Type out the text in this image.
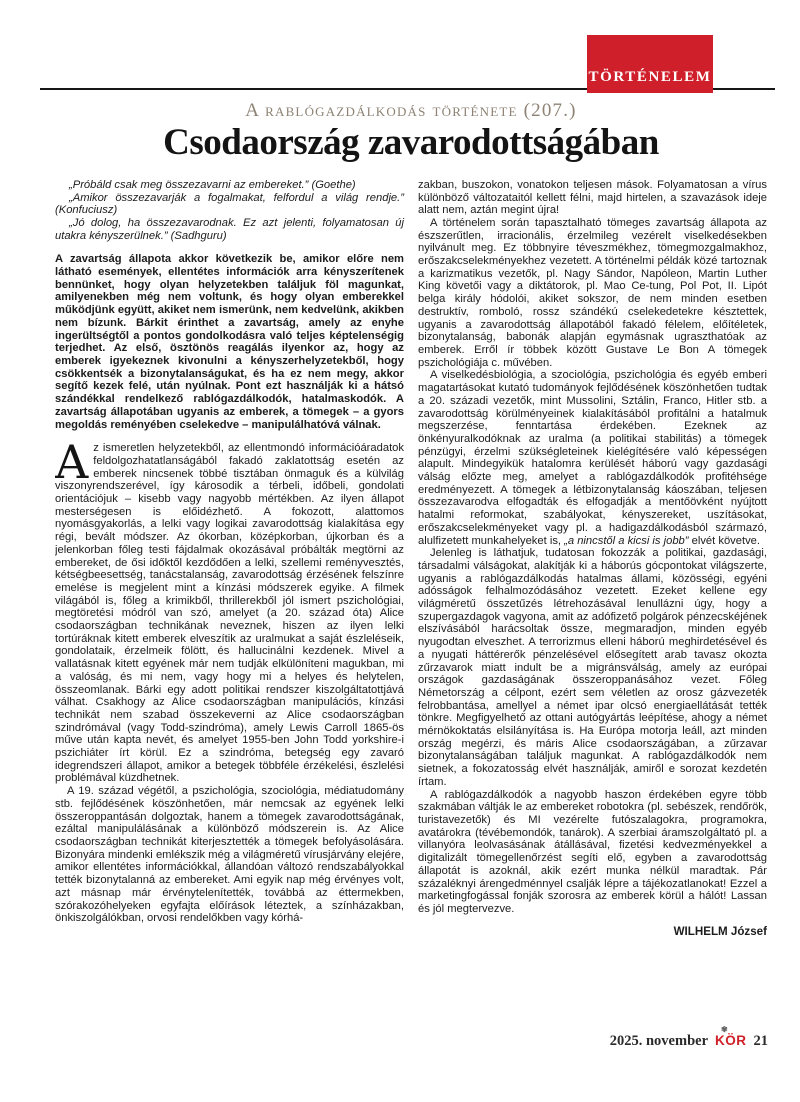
TÖRTÉNELEM
A rablógazdálkodás története (207.)
Csodaország zavarodottságában

„Próbáld csak meg összezavarni az embereket.” (Goethe)

„Amikor összezavarják a fogalmakat, felfordul a világ rendje.” (Konfuciusz)

„Jó dolog, ha összezavarodnak. Ez azt jelenti, folyamatosan új utakra kényszerülnek.” (Sadhguru)

A zavartság állapota akkor következik be, amikor előre nem látható események, ellentétes információk arra kényszerítenek bennünket, hogy olyan helyzetekben találjuk föl magunkat, amilyenekben még nem voltunk, és hogy olyan emberekkel működjünk együtt, akiket nem ismerünk, nem kedvelünk, akikben nem bízunk. Bárkit érinthet a zavartság, amely az enyhe ingerültségtől a pontos gondolkodásra való teljes képtelenségig terjedhet. Az első, ösztönös reagálás ilyenkor az, hogy az emberek igyekeznek kivonulni a kényszerhelyzetekből, hogy csökkentsék a bizonytalanságukat, és ha ez nem megy, akkor segítő kezek felé, után nyúlnak. Pont ezt használják ki a hátsó szándékkal rendelkező rablógazdálkodók, hatalmaskodók. A zavartság állapotában ugyanis az emberek, a tömegek – a gyors megoldás reményében cselekedve – manipulálhatóvá válnak.

Az ismeretlen helyzetekből, az ellentmondó információáradatok feldolgozhatatlanságából fakadó zaklatottság esetén az emberek nincsenek többé tisztában önmaguk és a külvilág viszonyrendszerével, így károsodik a térbeli, időbeli, gondolati orientációjuk – kisebb vagy nagyobb mértékben. Az ilyen állapot mesterségesen is előidézhető. A fokozott, alattomos nyomásgyakorlás, a lelki vagy logikai zavarodottság kialakítása egy régi, bevált módszer. Az ókorban, középkorban, újkorban és a jelenkorban főleg testi fájdalmak okozásával próbálták megtörni az embereket, de ősi időktől kezdődően a lelki, szellemi reményvesztés, kétségbeesettség, tanácstalanság, zavarodottság érzésének felszínre emelése is megjelent mint a kínzási módszerek egyike. A filmek világából is, főleg a krimikből, thrillerekből jól ismert pszichológiai, megtöretési módról van szó, amelyet (a 20. század óta) Alice csodaországban technikának neveznek, hiszen az ilyen lelki tortúráknak kitett emberek elveszítik az uralmukat a saját észleléseik, gondolataik, érzelmeik fölött, és hallucinálni kezdenek. Mivel a vallatásnak kitett egyének már nem tudják elkülöníteni magukban, mi a valóság, és mi nem, vagy hogy mi a helyes és helytelen, összeomlanak. Bárki egy adott politikai rendszer kiszolgáltatottjává válhat. Csakhogy az Alice csodaországban manipulációs, kínzási technikát nem szabad összekeverni az Alice csodaországban szindrómával (vagy Todd-szindróma), amely Lewis Carroll 1865-ös műve után kapta nevét, és amelyet 1955-ben John Todd yorkshire-i pszichiáter írt körül. Ez a szindróma, betegség egy zavaró idegrendszeri állapot, amikor a betegek többféle érzékelési, észlelési problémával küzdhetnek.

A 19. század végétől, a pszichológia, szociológia, médiatudomány stb. fejlődésének köszönhetően, már nemcsak az egyének lelki összeroppantásán dolgoztak, hanem a tömegek zavarodottságának, ezáltal manipulálásának a különböző módszerein is. Az Alice csodaországban technikát kiterjesztették a tömegek befolyásolására. Bizonyára mindenki emlékszik még a világméretű vírusjárvány elejére, amikor ellentétes információkkal, állandóan változó rendszabályokkal tették bizonytalanná az embereket. Ami egyik nap még érvényes volt, azt másnap már érvénytelenítették, továbbá az éttermekben, szórakozóhelyeken egyfajta előírások léteztek, a színházakban, önkiszolgálókban, orvosi rendelőkben vagy kórhá-

zakban, buszokon, vonatokon teljesen mások. Folyamatosan a vírus különböző változataitól kellett félni, majd hirtelen, a szavazások ideje alatt nem, aztán megint újra!

A történelem során tapasztalható tömeges zavartság állapota az észszerűtlen, irracionális, érzelmileg vezérelt viselkedésekben nyilvánult meg. Ez többnyire téveszmékhez, tömegmozgalmakhoz, erőszakcselekményekhez vezetett. A történelmi példák közé tartoznak a karizmatikus vezetők, pl. Nagy Sándor, Napóleon, Martin Luther King követői vagy a diktátorok, pl. Mao Ce-tung, Pol Pot, II. Lipót belga király hódolói, akiket sokszor, de nem minden esetben destruktív, romboló, rossz szándékú cselekedetekre késztettek, ugyanis a zavarodottság állapotából fakadó félelem, előítéletek, bizonytalanság, babonák alapján egymásnak ugraszthatóak az emberek. Erről ír többek között Gustave Le Bon A tömegek pszichológiája c. művében.

A viselkedésbiológia, a szociológia, pszichológia és egyéb emberi magatartásokat kutató tudományok fejlődésének köszönhetően tudtak a 20. századi vezetők, mint Mussolini, Sztálin, Franco, Hitler stb. a zavarodottság körülményeinek kialakításából profitálni a hatalmuk megszerzése, fenntartása érdekében. Ezeknek az önkényuralkodóknak az uralma (a politikai stabilitás) a tömegek pénzügyi, érzelmi szükségleteinek kielégítésére való képességen alapult. Mindegyikük hatalomra kerülését háború vagy gazdasági válság előzte meg, amelyet a rablógazdálkodók profitéhsége eredményezett. A tömegek a létbizonytalanság káoszában, teljesen összezavarodva elfogadták és elfogadják a mentőövként nyújtott hatalmi reformokat, szabályokat, kényszereket, uszításokat, erőszakcselekményeket vagy pl. a hadigazdálkodásból származó, alulfizetett munkahelyeket is, „a nincstől a kicsi is jobb” elvét követve.

Jelenleg is láthatjuk, tudatosan fokozzák a politikai, gazdasági, társadalmi válságokat, alakítják ki a háborús gócpontokat világszerte, ugyanis a rablógazdálkodás hatalmas állami, közösségi, egyéni adósságok felhalmozódásához vezetett. Ezeket kellene egy világméretű összetűzés létrehozásával lenullázni úgy, hogy a szupergazdagok vagyona, amit az adófizető polgárok pénzecskéjének elszívásából harácsoltak össze, megmaradjon, minden egyéb nyugodtan elveszhet. A terrorizmus elleni háború meghirdetésével és a nyugati háttérerők pénzelésével elősegített arab tavasz okozta zűrzavarok miatt indult be a migránsválság, amely az európai országok gazdaságának összeroppanásához vezet. Főleg Németország a célpont, ezért sem véletlen az orosz gázvezeték felrobbantása, amellyel a német ipar olcsó energiaellátását tették tönkre. Megfigyelhető az ottani autógyártás leépítése, ahogy a német mérnökoktatás elsilányítása is. Ha Európa motorja leáll, azt minden ország megérzi, és máris Alice csodaországában, a zűrzavar bizonytalanságában találjuk magunkat. A rablógazdálkodók nem sietnek, a fokozatosság elvét használják, amiről e sorozat kezdetén írtam.

A rablógazdálkodók a nagyobb haszon érdekében egyre több szakmában váltják le az embereket robotokra (pl. sebészek, rendőrök, turistavezetők) és MI vezérelte futószalagokra, programokra, avatárokra (tévébemondók, tanárok). A szerbiai áramszolgáltató pl. a villanyóra leolvasásának átállásával, fizetési kedvezményekkel a digitalizált tömegellenőrzést segíti elő, egyben a zavarodottság állapotát is azoknál, akik ezért munka nélkül maradtak. Pár százaléknyi árengedménnyel csalják lépre a tájékozatlanokat! Ezzel a marketingfogással fonják szorosra az emberek körül a hálót! Lassan és jól megtervezve.

WILHELM József

2025. november
✾
KÖR 21
